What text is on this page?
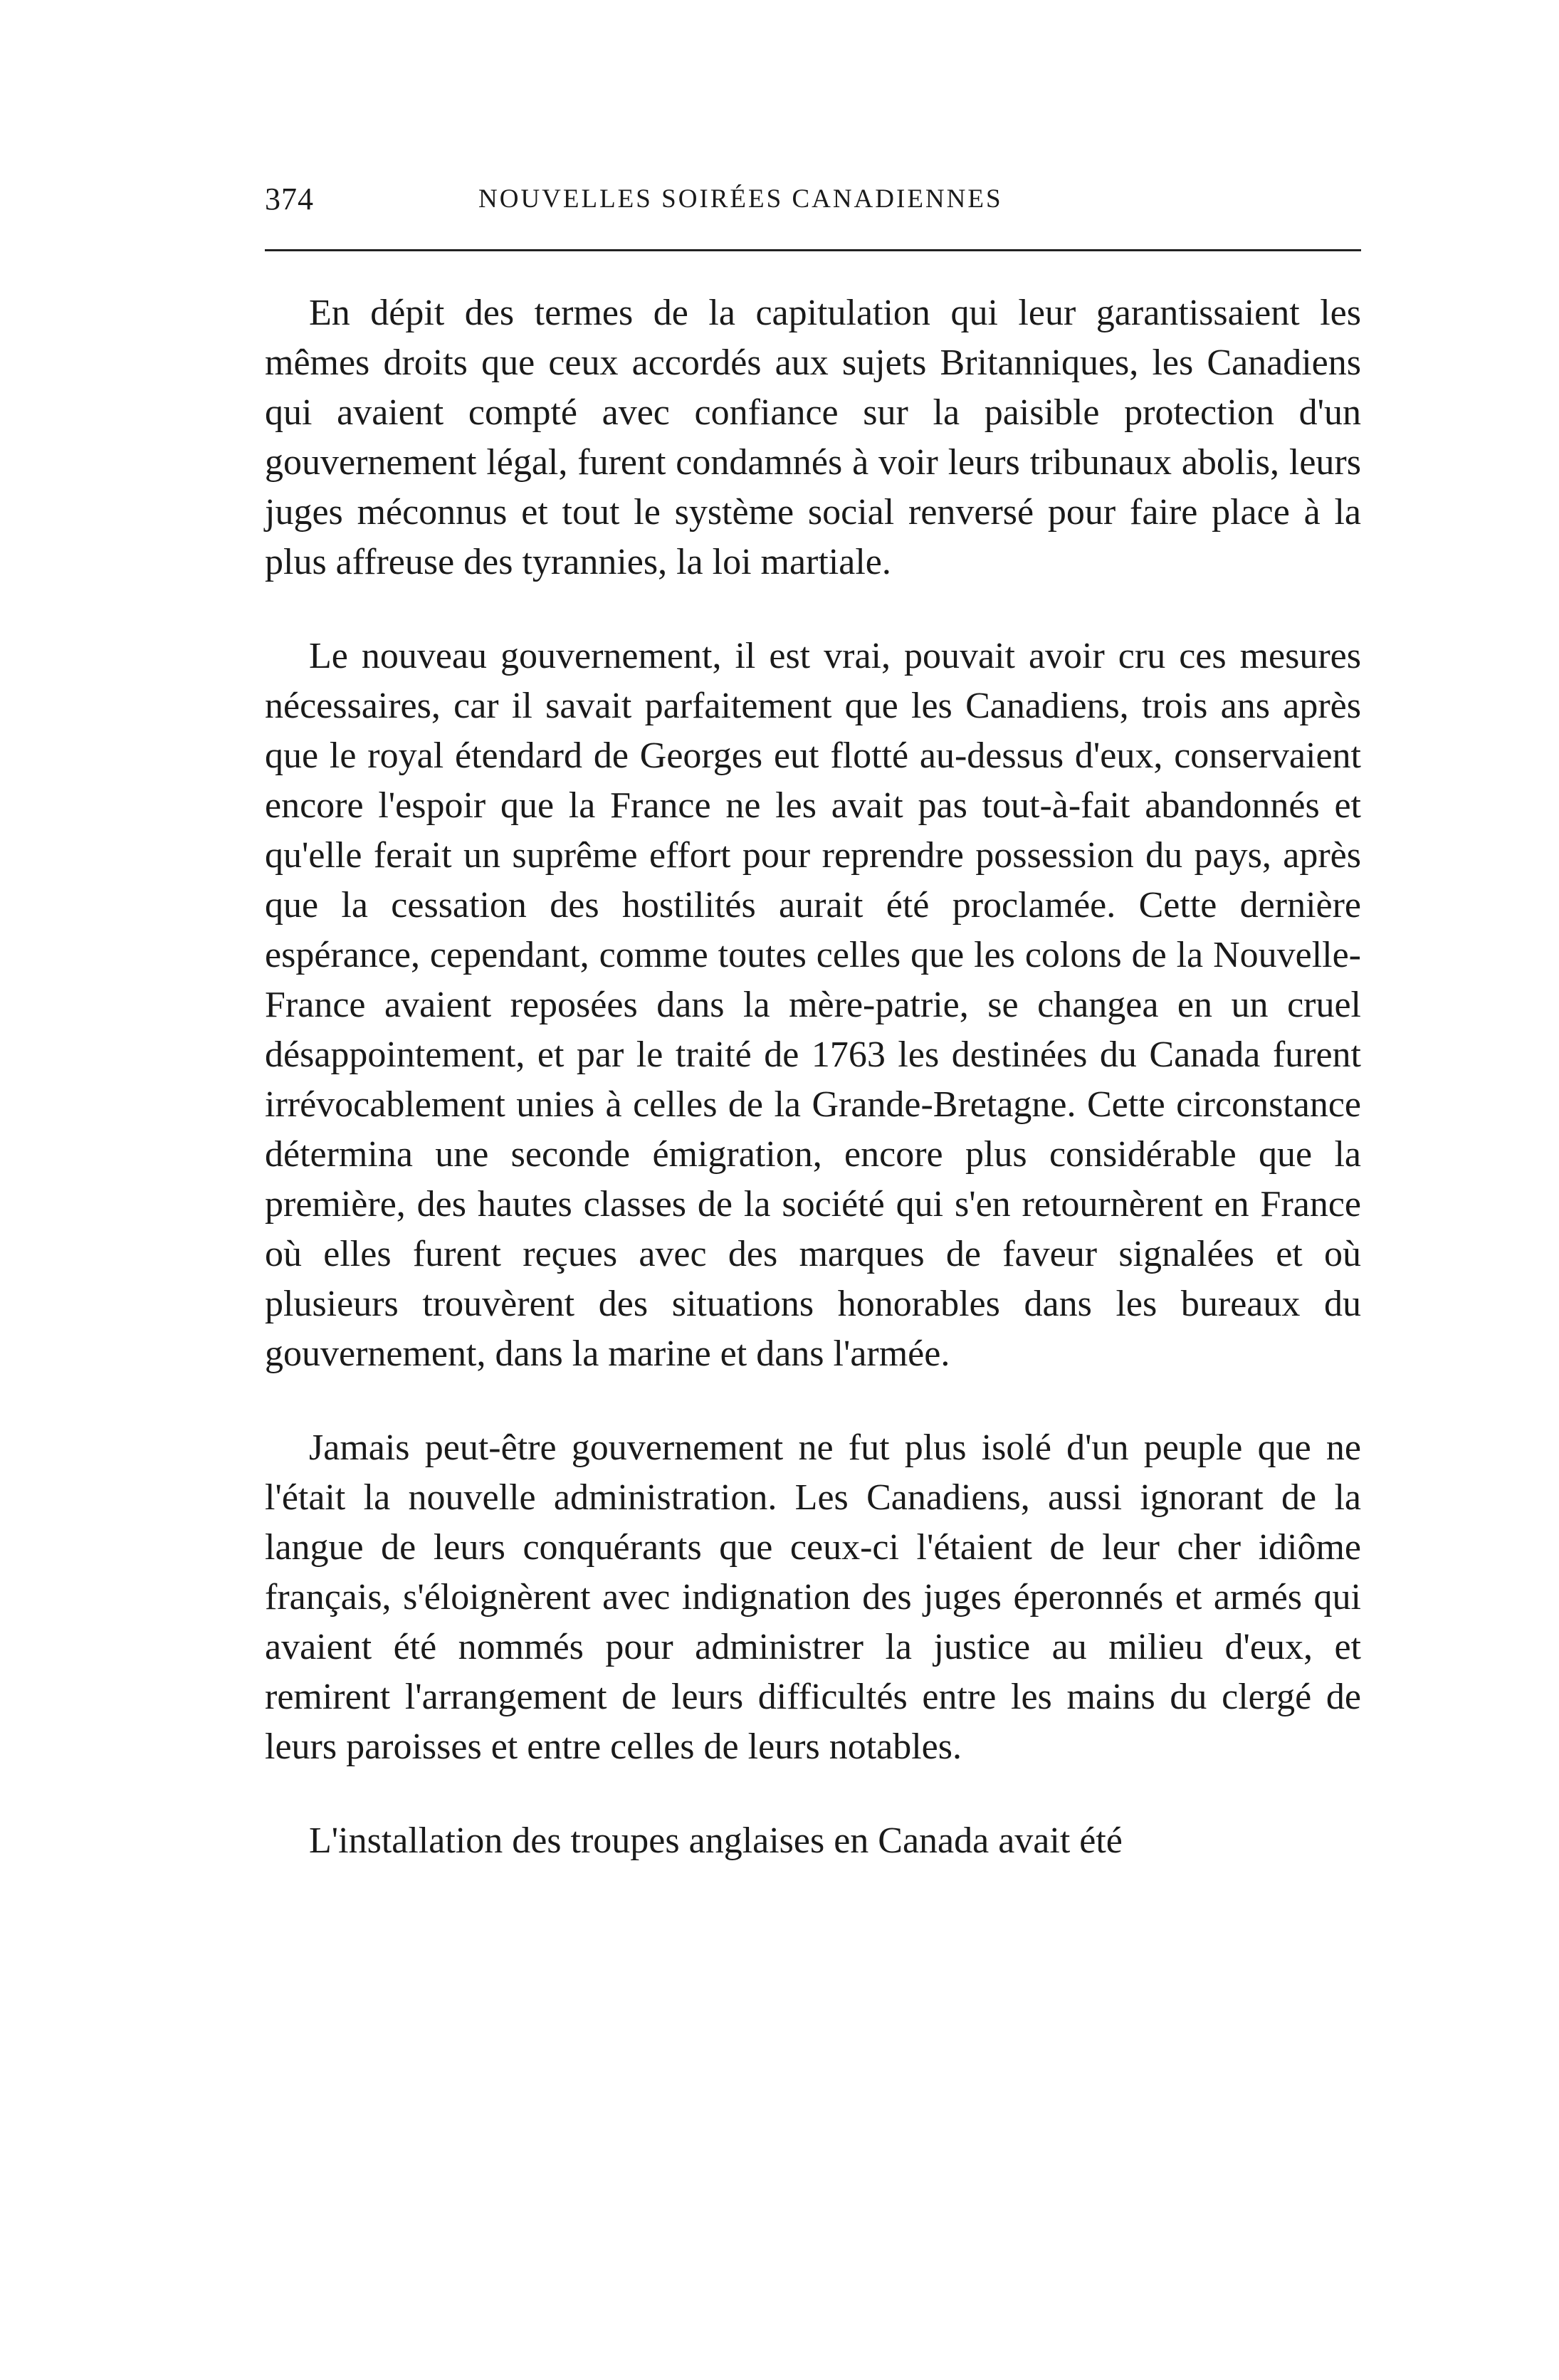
374	NOUVELLES SOIRÉES CANADIENNES

En dépit des termes de la capitulation qui leur garantissaient les mêmes droits que ceux accordés aux sujets Britanniques, les Canadiens qui avaient compté avec confiance sur la paisible protection d'un gouvernement légal, furent condamnés à voir leurs tribunaux abolis, leurs juges méconnus et tout le système social renversé pour faire place à la plus affreuse des tyrannies, la loi martiale.

Le nouveau gouvernement, il est vrai, pouvait avoir cru ces mesures nécessaires, car il savait parfaitement que les Canadiens, trois ans après que le royal étendard de Georges eut flotté au-dessus d'eux, conservaient encore l'espoir que la France ne les avait pas tout-à-fait abandonnés et qu'elle ferait un suprême effort pour reprendre possession du pays, après que la cessation des hostilités aurait été proclamée. Cette dernière espérance, cependant, comme toutes celles que les colons de la Nouvelle-France avaient reposées dans la mère-patrie, se changea en un cruel désappointement, et par le traité de 1763 les destinées du Canada furent irrévocablement unies à celles de la Grande-Bretagne. Cette circonstance détermina une seconde émigration, encore plus considérable que la première, des hautes classes de la société qui s'en retournèrent en France où elles furent reçues avec des marques de faveur signalées et où plusieurs trouvèrent des situations honorables dans les bureaux du gouvernement, dans la marine et dans l'armée.

Jamais peut-être gouvernement ne fut plus isolé d'un peuple que ne l'était la nouvelle administration. Les Canadiens, aussi ignorant de la langue de leurs conquérants que ceux-ci l'étaient de leur cher idiôme français, s'éloignèrent avec indignation des juges éperonnés et armés qui avaient été nommés pour administrer la justice au milieu d'eux, et remirent l'arrangement de leurs difficultés entre les mains du clergé de leurs paroisses et entre celles de leurs notables.

L'installation des troupes anglaises en Canada avait été
